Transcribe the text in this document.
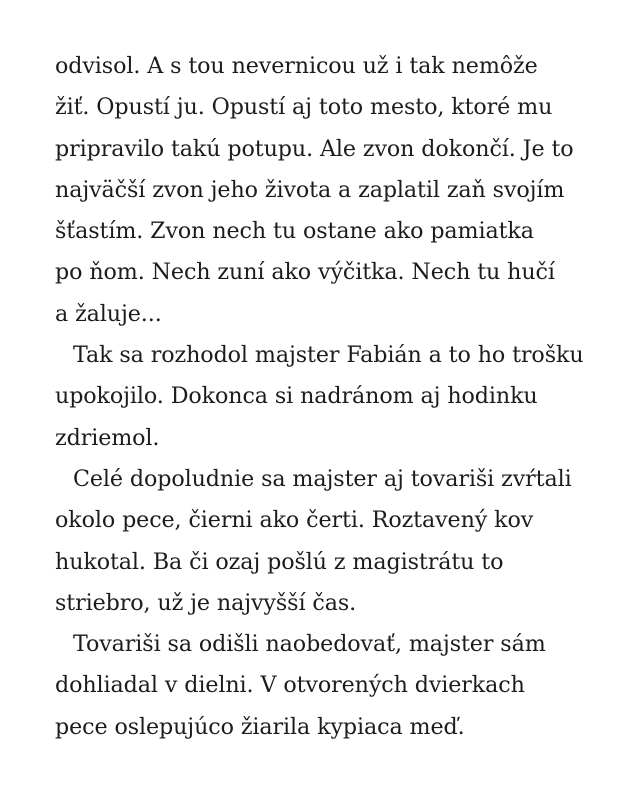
odvisol. A s tou nevernicou už i tak nemôže
žiť. Opustí ju. Opustí aj toto mesto, ktoré mu
pripravilo takú potupu. Ale zvon dokončí. Je to
najväčší zvon jeho života a zaplatil zaň svojím
šťastím. Zvon nech tu ostane ako pamiatka
po ňom. Nech zuní ako výčitka. Nech tu hučí
a žaluje...
Tak sa rozhodol majster Fabián a to ho trošku
upokojilo. Dokonca si nadránom aj hodinku
zdriemol.
Celé dopoludnie sa majster aj tovariši zvŕtali
okolo pece, čierni ako čerti. Roztavený kov
hukotal. Ba či ozaj pošlú z magistrátu to
striebro, už je najvyšší čas.
Tovariši sa odišli naobedovať, majster sám
dohliadal v dielni. V otvorených dvierkach
pece oslepujúco žiarila kypiaca meď.
